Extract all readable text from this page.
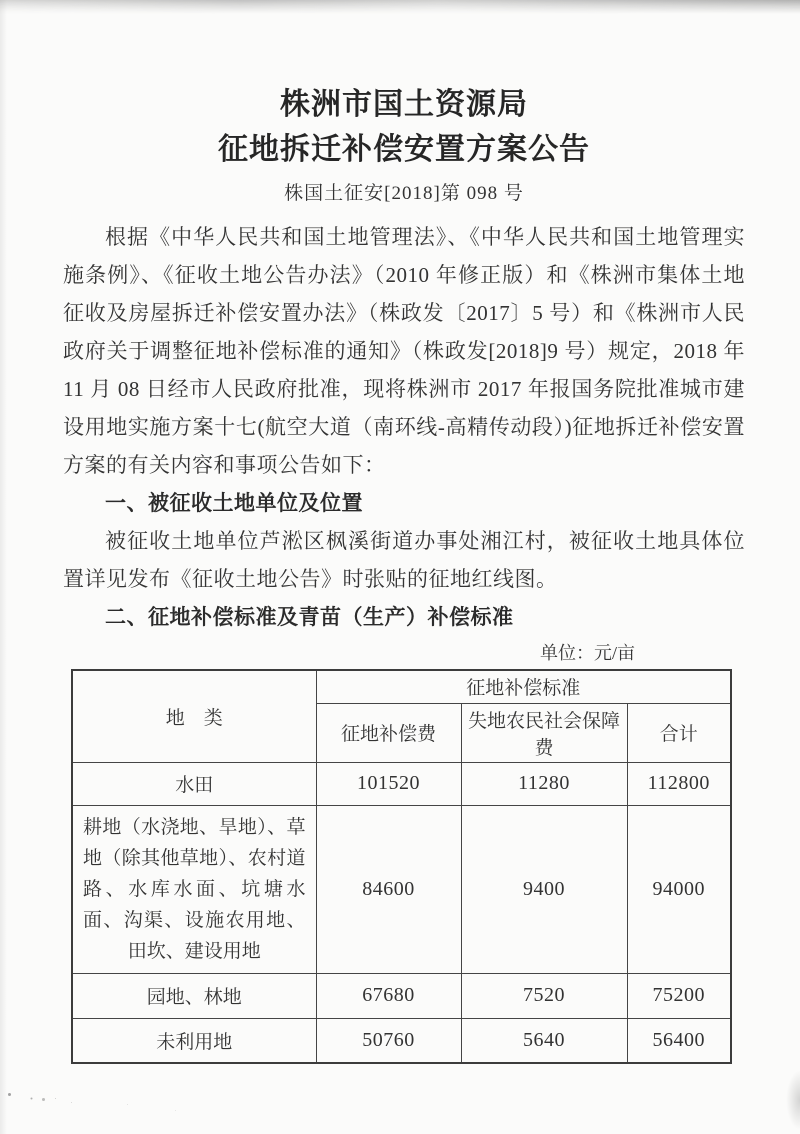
株洲市国土资源局
征地拆迁补偿安置方案公告
株国土征安[2018]第 098 号

根据《中华人民共和国土地管理法》、《中华人民共和国土地管理实施条例》、《征收土地公告办法》（2010 年修正版）和《株洲市集体土地征收及房屋拆迁补偿安置办法》（株政发〔2017〕5 号）和《株洲市人民政府关于调整征地补偿标准的通知》（株政发[2018]9 号）规定，2018 年 11 月 08 日经市人民政府批准，现将株洲市 2017 年报国务院批准城市建设用地实施方案十七(航空大道（南环线-高精传动段）)征地拆迁补偿安置方案的有关内容和事项公告如下：

一、被征收土地单位及位置

被征收土地单位芦淞区枫溪街道办事处湘江村，被征收土地具体位置详见发布《征收土地公告》时张贴的征地红线图。

二、征地补偿标准及青苗（生产）补偿标准

单位：元/亩
地　类	征地补偿标准		
	征地补偿费	失地农民社会保障费	合计
水田	101520	11280	112800
耕地（水浇地、旱地）、草地（除其他草地）、农村道路、水库水面、坑塘水面、沟渠、设施农用地、田坎、建设用地	84600	9400	94000
园地、林地	67680	7520	75200
未利用地	50760	5640	56400
